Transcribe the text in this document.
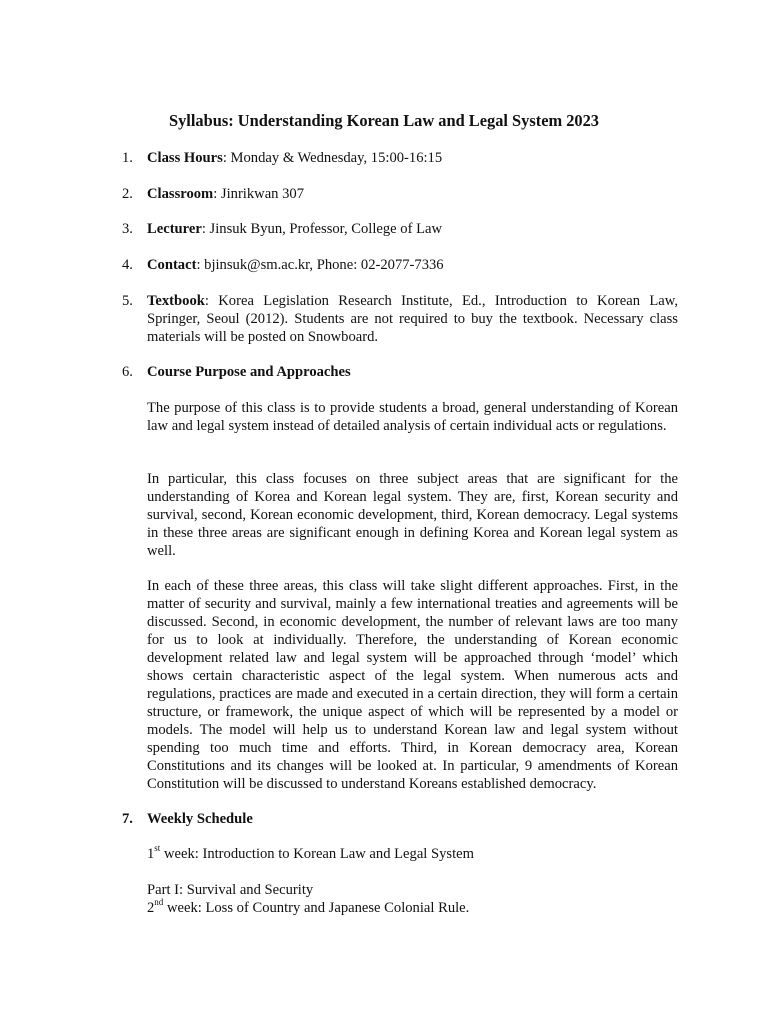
Syllabus: Understanding Korean Law and Legal System 2023
1. Class Hours: Monday & Wednesday, 15:00-16:15
2. Classroom: Jinrikwan 307
3. Lecturer: Jinsuk Byun, Professor, College of Law
4. Contact: bjinsuk@sm.ac.kr, Phone: 02-2077-7336
5. Textbook: Korea Legislation Research Institute, Ed., Introduction to Korean Law, Springer, Seoul (2012). Students are not required to buy the textbook. Necessary class materials will be posted on Snowboard.
6. Course Purpose and Approaches
The purpose of this class is to provide students a broad, general understanding of Korean law and legal system instead of detailed analysis of certain individual acts or regulations.
In particular, this class focuses on three subject areas that are significant for the understanding of Korea and Korean legal system. They are, first, Korean security and survival, second, Korean economic development, third, Korean democracy. Legal systems in these three areas are significant enough in defining Korea and Korean legal system as well.
In each of these three areas, this class will take slight different approaches. First, in the matter of security and survival, mainly a few international treaties and agreements will be discussed. Second, in economic development, the number of relevant laws are too many for us to look at individually. Therefore, the understanding of Korean economic development related law and legal system will be approached through ‘model’ which shows certain characteristic aspect of the legal system. When numerous acts and regulations, practices are made and executed in a certain direction, they will form a certain structure, or framework, the unique aspect of which will be represented by a model or models. The model will help us to understand Korean law and legal system without spending too much time and efforts. Third, in Korean democracy area, Korean Constitutions and its changes will be looked at. In particular, 9 amendments of Korean Constitution will be discussed to understand Koreans established democracy.
7. Weekly Schedule
1st week: Introduction to Korean Law and Legal System
Part I: Survival and Security
2nd week: Loss of Country and Japanese Colonial Rule.
